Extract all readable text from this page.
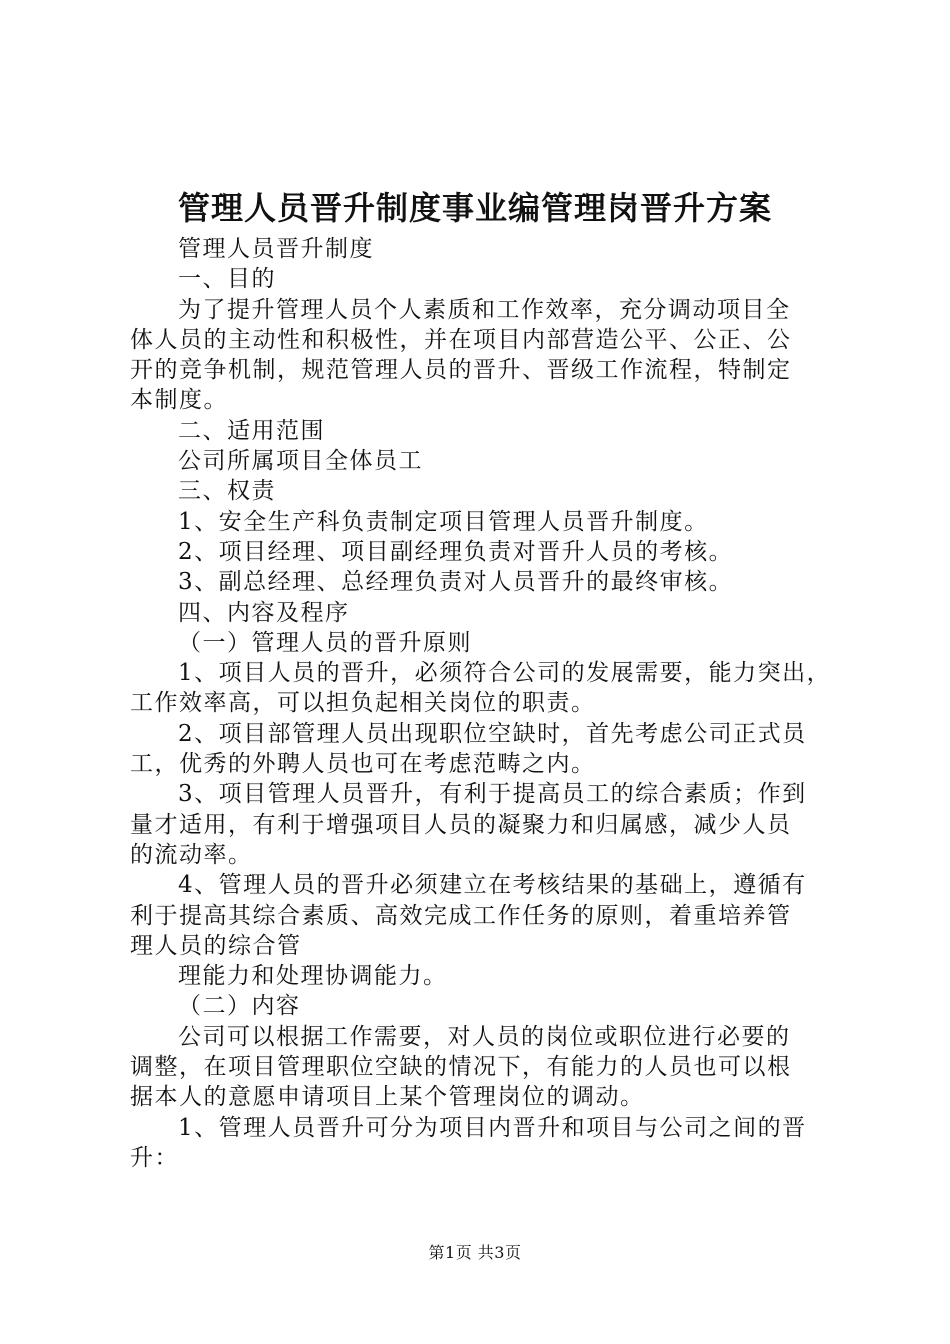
管理人员晋升制度事业编管理岗晋升方案

管理人员晋升制度

一、目的

为了提升管理人员个人素质和工作效率，充分调动项目全

体人员的主动性和积极性，并在项目内部营造公平、公正、公

开的竞争机制，规范管理人员的晋升、晋级工作流程，特制定

本制度。

二、适用范围

公司所属项目全体员工

三、权责

1、安全生产科负责制定项目管理人员晋升制度。

2、项目经理、项目副经理负责对晋升人员的考核。

3、副总经理、总经理负责对人员晋升的最终审核。

四、内容及程序

（一）管理人员的晋升原则

1、项目人员的晋升，必须符合公司的发展需要，能力突出，

工作效率高，可以担负起相关岗位的职责。

2、项目部管理人员出现职位空缺时，首先考虑公司正式员

工，优秀的外聘人员也可在考虑范畴之内。

3、项目管理人员晋升，有利于提高员工的综合素质；作到

量才适用，有利于增强项目人员的凝聚力和归属感，减少人员

的流动率。

4、管理人员的晋升必须建立在考核结果的基础上，遵循有

利于提高其综合素质、高效完成工作任务的原则，着重培养管

理人员的综合管

理能力和处理协调能力。

（二）内容

公司可以根据工作需要，对人员的岗位或职位进行必要的

调整，在项目管理职位空缺的情况下，有能力的人员也可以根

据本人的意愿申请项目上某个管理岗位的调动。

1、管理人员晋升可分为项目内晋升和项目与公司之间的晋

升：

第1页 共3页
